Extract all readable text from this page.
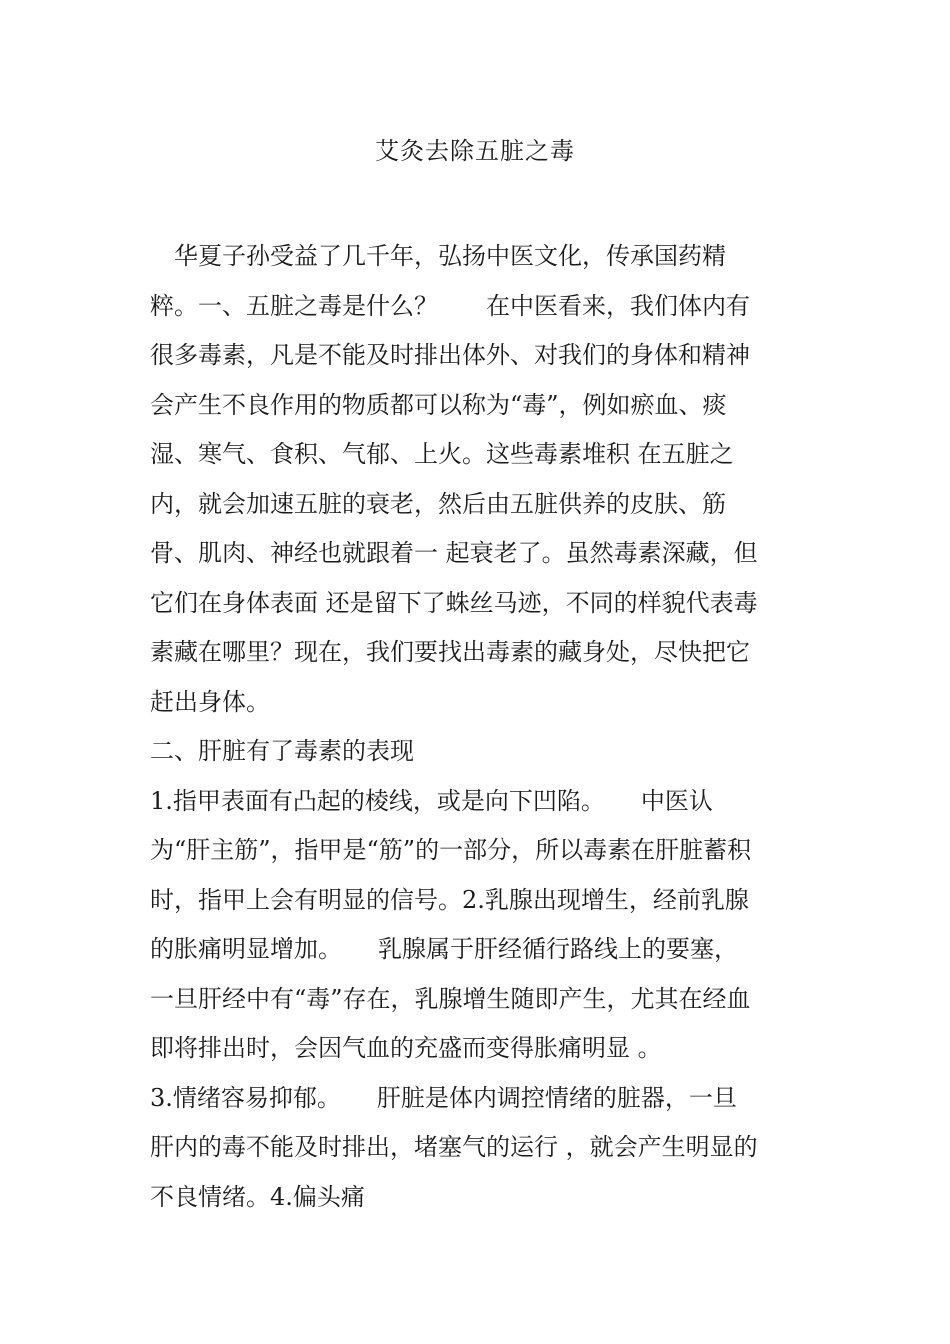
艾灸去除五脏之毒
华夏子孙受益了几千年，弘扬中医文化，传承国药精
粹。一、五脏之毒是什么？　　在中医看来，我们体内有
很多毒素，凡是不能及时排出体外、对我们的身体和精神
会产生不良作用的物质都可以称为“毒”，例如瘀血、痰
湿、寒气、食积、气郁、上火。这些毒素堆积 在五脏之
内，就会加速五脏的衰老，然后由五脏供养的皮肤、筋
骨、肌肉、神经也就跟着一 起衰老了。虽然毒素深藏，但
它们在身体表面 还是留下了蛛丝马迹，不同的样貌代表毒
素藏在哪里？现在，我们要找出毒素的藏身处，尽快把它
赶出身体。
二、肝脏有了毒素的表现
1.指甲表面有凸起的棱线，或是向下凹陷。　　中医认
为“肝主筋”，指甲是“筋”的一部分，所以毒素在肝脏蓄积
时，指甲上会有明显的信号。2.乳腺出现增生，经前乳腺
的胀痛明显增加。　　乳腺属于肝经循行路线上的要塞，
一旦肝经中有“毒”存在，乳腺增生随即产生，尤其在经血
即将排出时，会因气血的充盛而变得胀痛明显 。
3.情绪容易抑郁。　　肝脏是体内调控情绪的脏器，一旦
肝内的毒不能及时排出，堵塞气的运行 ，就会产生明显的
不良情绪。4.偏头痛
